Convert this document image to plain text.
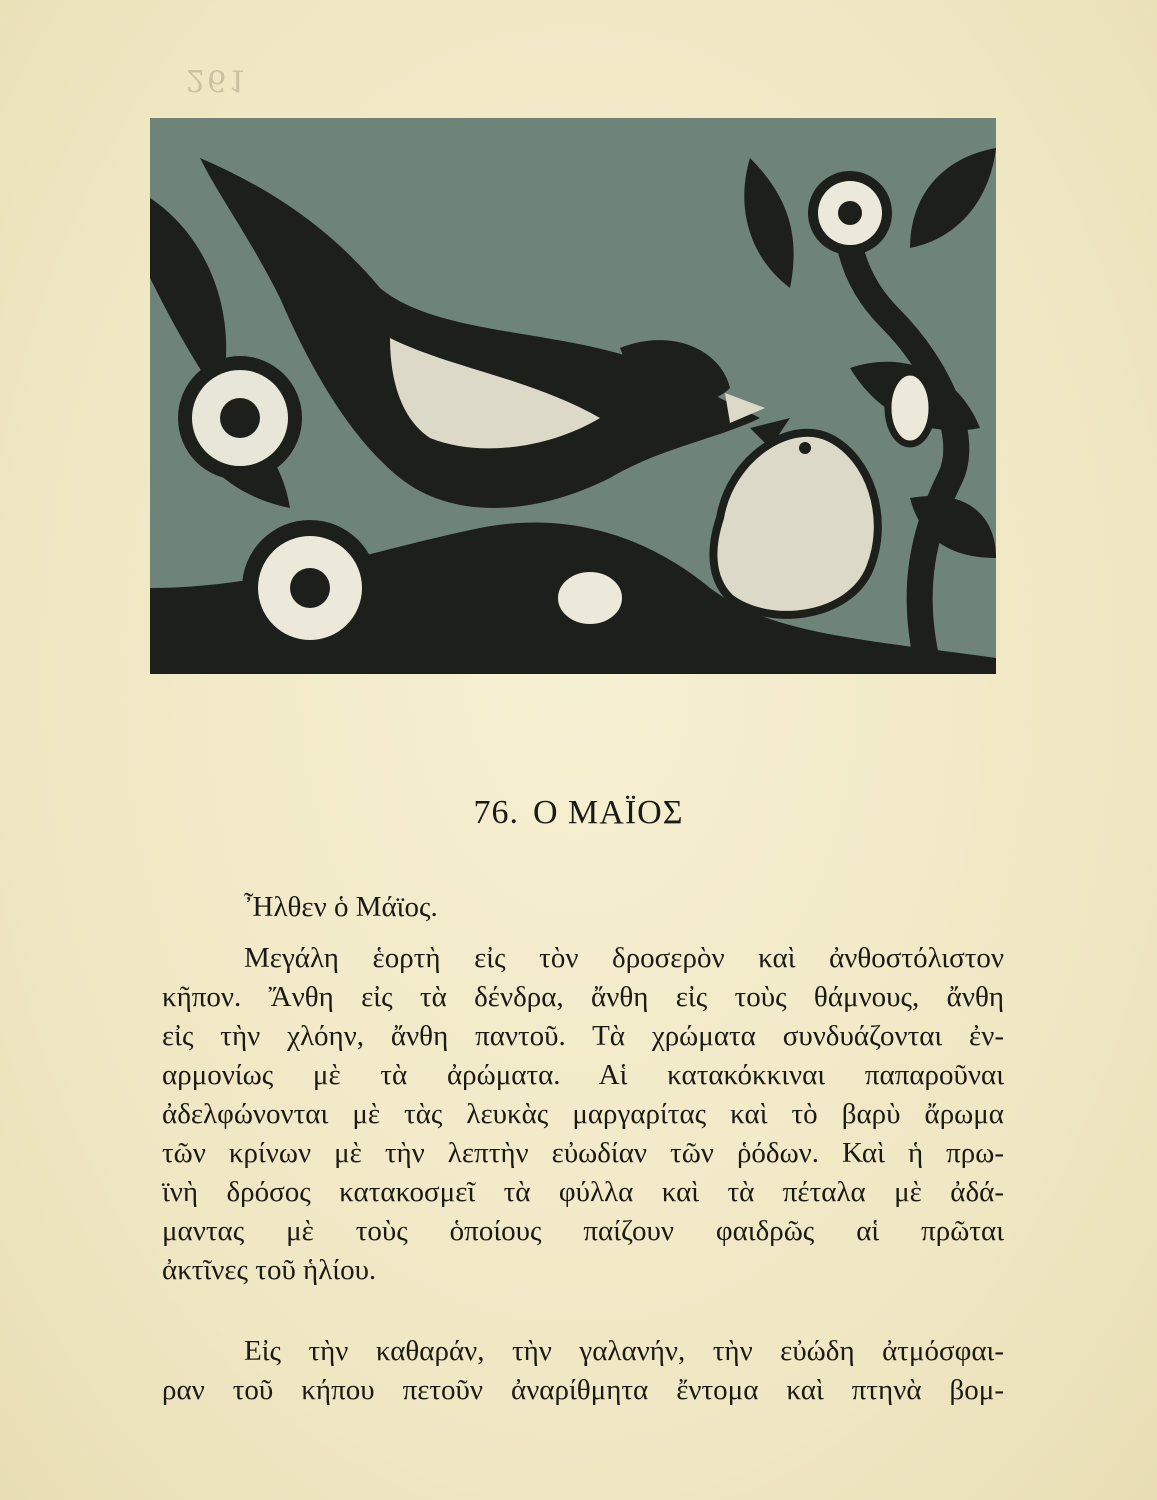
261
76. Ο ΜΑΪΟΣ
Ἦλθεν ὁ Μάϊος.
Μεγάλη ἑορτὴ εἰς τὸν δροσερὸν καὶ ἀνθοστόλιστον
κῆπον. Ἄνθη εἰς τὰ δένδρα, ἄνθη εἰς τοὺς θάμνους, ἄνθη
εἰς τὴν χλόην, ἄνθη παντοῦ. Τὰ χρώματα συνδυάζονται ἐν-
αρμονίως μὲ τὰ ἀρώματα. Αἱ κατακόκκιναι παπαροῦναι
ἀδελφώνονται μὲ τὰς λευκὰς μαργαρίτας καὶ τὸ βαρὺ ἄρωμα
τῶν κρίνων μὲ τὴν λεπτὴν εὐωδίαν τῶν ῥόδων. Καὶ ἡ πρω-
ϊνὴ δρόσος κατακοσμεῖ τὰ φύλλα καὶ τὰ πέταλα μὲ ἀδά-
μαντας μὲ τοὺς ὁποίους παίζουν φαιδρῶς αἱ πρῶται
ἀκτῖνες τοῦ ἡλίου.
Εἰς τὴν καθαράν, τὴν γαλανήν, τὴν εὐώδη ἀτμόσφαι-
ραν τοῦ κήπου πετοῦν ἀναρίθμητα ἔντομα καὶ πτηνὰ βομ-
